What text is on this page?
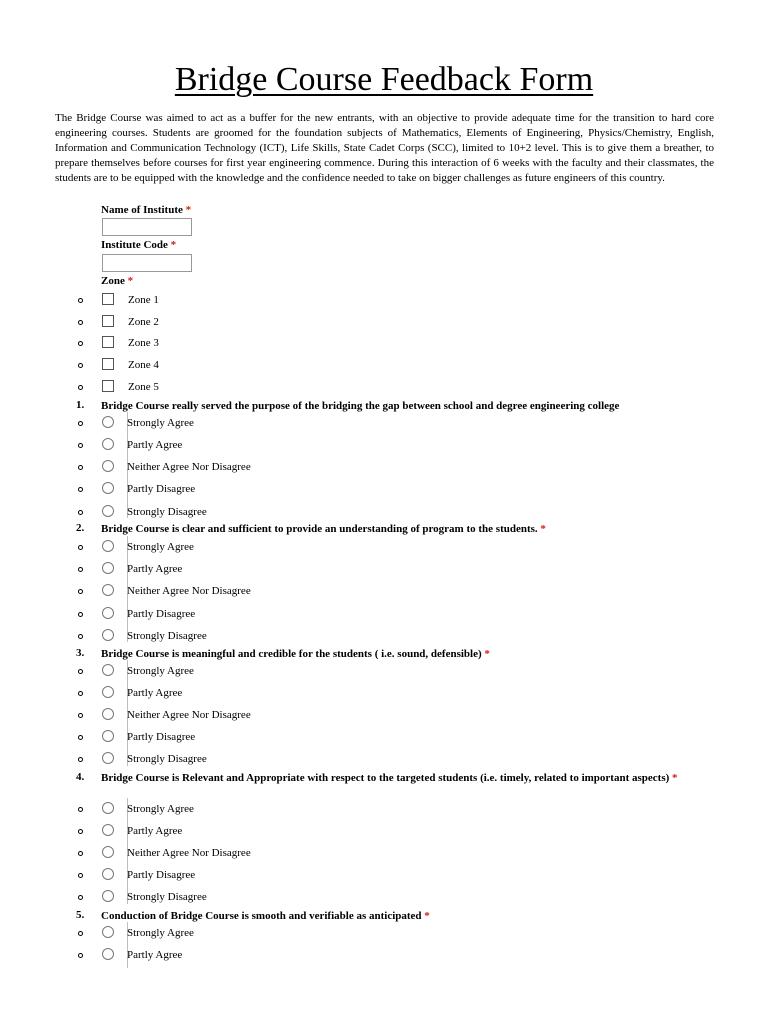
Bridge Course Feedback Form
The Bridge Course was aimed to act as a buffer for the new entrants, with an objective to provide adequate time for the transition to hard core engineering courses. Students are groomed for the foundation subjects of Mathematics, Elements of Engineering, Physics/Chemistry, English, Information and Communication Technology (ICT), Life Skills, State Cadet Corps (SCC), limited to 10+2 level. This is to give them a breather, to prepare themselves before courses for first year engineering commence. During this interaction of 6 weeks with the faculty and their classmates, the students are to be equipped with the knowledge and the confidence needed to take on bigger challenges as future engineers of this country.
Name of Institute *
Institute Code *
Zone *
Zone 1
Zone 2
Zone 3
Zone 4
Zone 5
1. Bridge Course really served the purpose of the bridging the gap between school and degree engineering college
Strongly Agree
Partly Agree
Neither Agree Nor Disagree
Partly Disagree
Strongly Disagree
2. Bridge Course is clear and sufficient to provide an understanding of program to the students. *
Strongly Agree
Partly Agree
Neither Agree Nor Disagree
Partly Disagree
Strongly Disagree
3. Bridge Course is meaningful and credible for the students ( i.e. sound, defensible) *
Strongly Agree
Partly Agree
Neither Agree Nor Disagree
Partly Disagree
Strongly Disagree
4. Bridge Course is Relevant and Appropriate with respect to the targeted students (i.e. timely, related to important aspects) *
Strongly Agree
Partly Agree
Neither Agree Nor Disagree
Partly Disagree
Strongly Disagree
5. Conduction of Bridge Course is smooth and verifiable as anticipated *
Strongly Agree
Partly Agree
